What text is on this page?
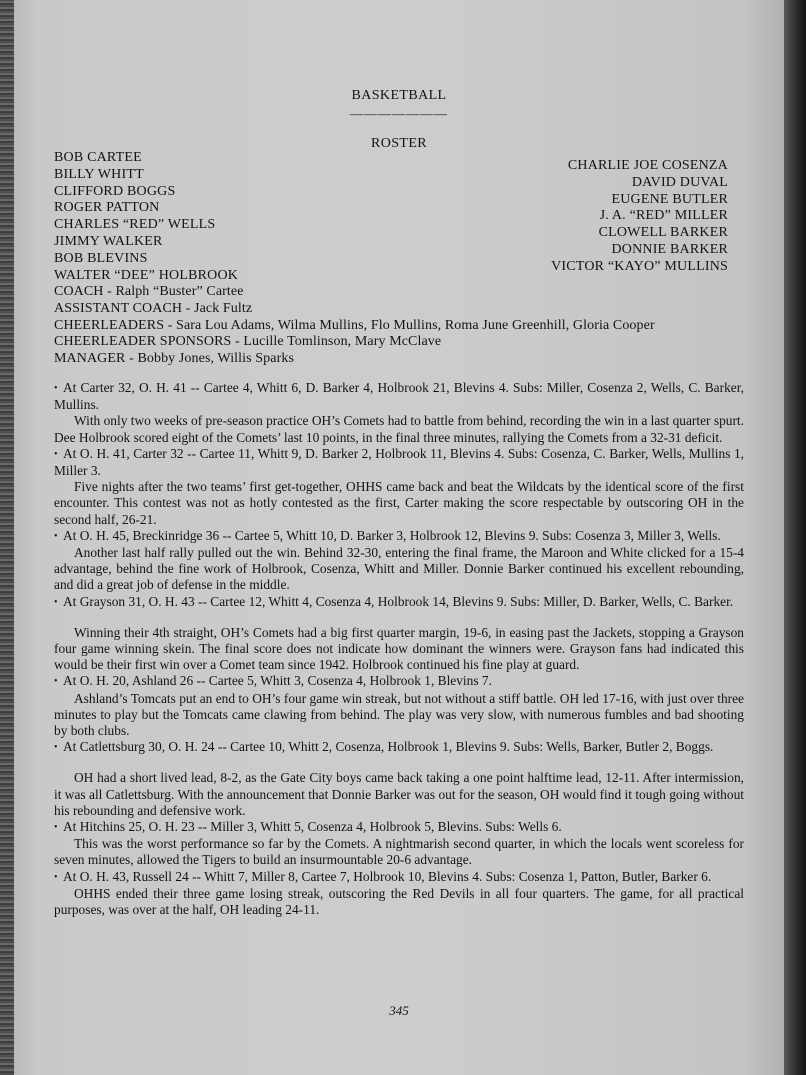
BASKETBALL
———————
ROSTER
BOB CARTEE
BILLY WHITT
CLIFFORD BOGGS
ROGER PATTON
CHARLES “RED” WELLS
JIMMY WALKER
BOB BLEVINS
WALTER “DEE” HOLBROOK
CHARLIE JOE COSENZA
DAVID DUVAL
EUGENE BUTLER
J. A. “RED” MILLER
CLOWELL BARKER
DONNIE BARKER
VICTOR “KAYO” MULLINS
COACH - Ralph “Buster” Cartee
ASSISTANT COACH - Jack Fultz
CHEERLEADERS - Sara Lou Adams, Wilma Mullins, Flo Mullins, Roma June Greenhill, Gloria Cooper
CHEERLEADER SPONSORS - Lucille Tomlinson, Mary McClave
MANAGER - Bobby Jones, Willis Sparks

• At Carter 32, O. H. 41 -- Cartee 4, Whitt 6, D. Barker 4, Holbrook 21, Blevins 4. Subs: Miller, Cosenza 2, Wells, C. Barker, Mullins.

With only two weeks of pre-season practice OH’s Comets had to battle from behind, recording the win in a last quarter spurt. Dee Holbrook scored eight of the Comets’ last 10 points, in the final three minutes, rallying the Comets from a 32-31 deficit.

• At O. H. 41, Carter 32 -- Cartee 11, Whitt 9, D. Barker 2, Holbrook 11, Blevins 4. Subs: Cosenza, C. Barker, Wells, Mullins 1, Miller 3.

Five nights after the two teams’ first get-together, OHHS came back and beat the Wildcats by the identical score of the first encounter. This contest was not as hotly contested as the first, Carter making the score respectable by outscoring OH in the second half, 26-21.

• At O. H. 45, Breckinridge 36 -- Cartee 5, Whitt 10, D. Barker 3, Holbrook 12, Blevins 9. Subs: Cosenza 3, Miller 3, Wells.

Another last half rally pulled out the win. Behind 32-30, entering the final frame, the Maroon and White clicked for a 15-4 advantage, behind the fine work of Holbrook, Cosenza, Whitt and Miller. Donnie Barker continued his excellent rebounding, and did a great job of defense in the middle.

• At Grayson 31, O. H. 43 -- Cartee 12, Whitt 4, Cosenza 4, Holbrook 14, Blevins 9. Subs: Miller, D. Barker, Wells, C. Barker.

Winning their 4th straight, OH’s Comets had a big first quarter margin, 19-6, in easing past the Jackets, stopping a Grayson four game winning skein. The final score does not indicate how dominant the winners were. Grayson fans had indicated this would be their first win over a Comet team since 1942. Holbrook continued his fine play at guard.

• At O. H. 20, Ashland 26 -- Cartee 5, Whitt 3, Cosenza 4, Holbrook 1, Blevins 7.

Ashland’s Tomcats put an end to OH’s four game win streak, but not without a stiff battle. OH led 17-16, with just over three minutes to play but the Tomcats came clawing from behind. The play was very slow, with numerous fumbles and bad shooting by both clubs.

• At Catlettsburg 30, O. H. 24 -- Cartee 10, Whitt 2, Cosenza, Holbrook 1, Blevins 9. Subs: Wells, Barker, Butler 2, Boggs.

OH had a short lived lead, 8-2, as the Gate City boys came back taking a one point halftime lead, 12-11. After intermission, it was all Catlettsburg. With the announcement that Donnie Barker was out for the season, OH would find it tough going without his rebounding and defensive work.

• At Hitchins 25, O. H. 23 -- Miller 3, Whitt 5, Cosenza 4, Holbrook 5, Blevins. Subs: Wells 6.

This was the worst performance so far by the Comets. A nightmarish second quarter, in which the locals went scoreless for seven minutes, allowed the Tigers to build an insurmountable 20-6 advantage.

• At O. H. 43, Russell 24 -- Whitt 7, Miller 8, Cartee 7, Holbrook 10, Blevins 4. Subs: Cosenza 1, Patton, Butler, Barker 6.

OHHS ended their three game losing streak, outscoring the Red Devils in all four quarters. The game, for all practical purposes, was over at the half, OH leading 24-11.

345
